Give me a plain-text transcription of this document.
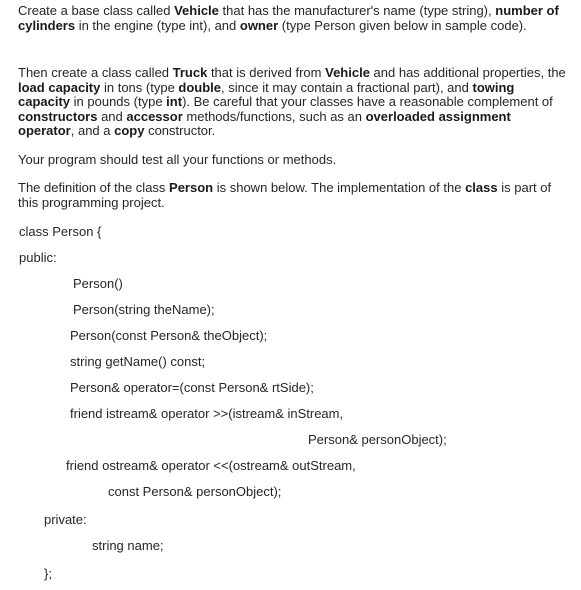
Create a base class called Vehicle that has the manufacturer's name (type string), number of cylinders in the engine (type int), and owner (type Person given below in sample code).

Then create a class called Truck that is derived from Vehicle and has additional properties, the load capacity in tons (type double, since it may contain a fractional part), and towing capacity in pounds (type int). Be careful that your classes have a reasonable complement of constructors and accessor methods/functions, such as an overloaded assignment operator, and a copy constructor.

Your program should test all your functions or methods.

The definition of the class Person is shown below. The implementation of the class is part of this programming project.

class Person {

public:

Person()

Person(string theName);

Person(const Person& theObject);

string getName() const;

Person& operator=(const Person& rtSide);

friend istream& operator >>(istream& inStream,

Person& personObject);

friend ostream& operator <<(ostream& outStream,

const Person& personObject);

private:

string name;

};
